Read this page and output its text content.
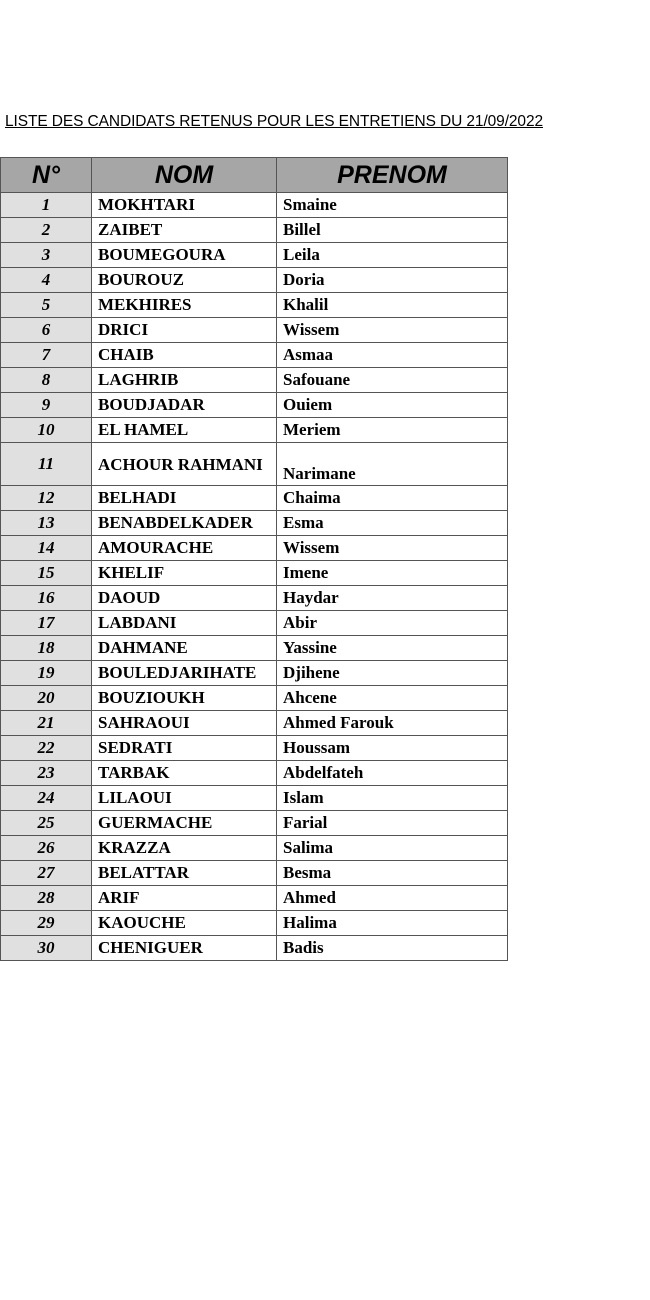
LISTE DES CANDIDATS RETENUS POUR LES ENTRETIENS DU 21/09/2022
N°	NOM	PRENOM
1	MOKHTARI	Smaine
2	ZAIBET	Billel
3	BOUMEGOURA	Leila
4	BOUROUZ	Doria
5	MEKHIRES	Khalil
6	DRICI	Wissem
7	CHAIB	Asmaa
8	LAGHRIB	Safouane
9	BOUDJADAR	Ouiem
10	EL HAMEL	Meriem
11	ACHOUR RAHMANI	Narimane
12	BELHADI	Chaima
13	BENABDELKADER	Esma
14	AMOURACHE	Wissem
15	KHELIF	Imene
16	DAOUD	Haydar
17	LABDANI	Abir
18	DAHMANE	Yassine
19	BOULEDJARIHATE	Djihene
20	BOUZIOUKH	Ahcene
21	SAHRAOUI	Ahmed Farouk
22	SEDRATI	Houssam
23	TARBAK	Abdelfateh
24	LILAOUI	Islam
25	GUERMACHE	Farial
26	KRAZZA	Salima
27	BELATTAR	Besma
28	ARIF	Ahmed
29	KAOUCHE	Halima
30	CHENIGUER	Badis
